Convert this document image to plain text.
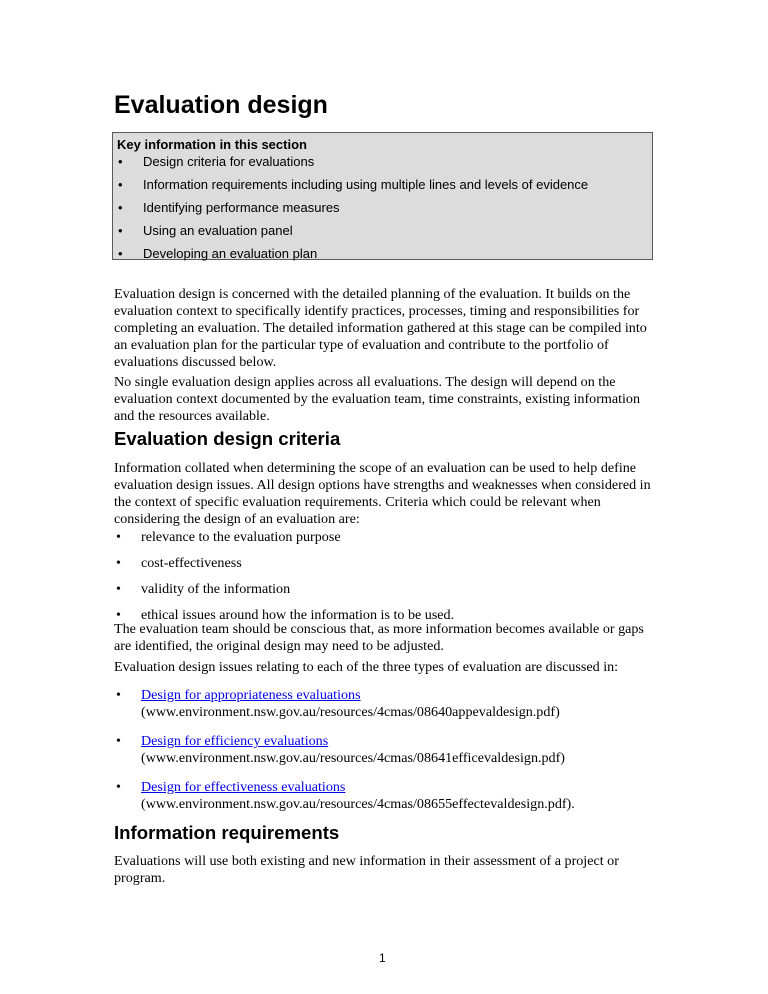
Evaluation design
Key information in this section
• Design criteria for evaluations
• Information requirements including using multiple lines and levels of evidence
• Identifying performance measures
• Using an evaluation panel
• Developing an evaluation plan

Evaluation design is concerned with the detailed planning of the evaluation. It builds on the evaluation context to specifically identify practices, processes, timing and responsibilities for completing an evaluation. The detailed information gathered at this stage can be compiled into an evaluation plan for the particular type of evaluation and contribute to the portfolio of evaluations discussed below.

No single evaluation design applies across all evaluations. The design will depend on the evaluation context documented by the evaluation team, time constraints, existing information and the resources available.

Evaluation design criteria

Information collated when determining the scope of an evaluation can be used to help define evaluation design issues. All design options have strengths and weaknesses when considered in the context of specific evaluation requirements. Criteria which could be relevant when considering the design of an evaluation are:

• relevance to the evaluation purpose
• cost-effectiveness
• validity of the information
• ethical issues around how the information is to be used.

The evaluation team should be conscious that, as more information becomes available or gaps are identified, the original design may need to be adjusted.

Evaluation design issues relating to each of the three types of evaluation are discussed in:

• Design for appropriateness evaluations
(www.environment.nsw.gov.au/resources/4cmas/08640appevaldesign.pdf)
• Design for efficiency evaluations
(www.environment.nsw.gov.au/resources/4cmas/08641efficevaldesign.pdf)
• Design for effectiveness evaluations
(www.environment.nsw.gov.au/resources/4cmas/08655effectevaldesign.pdf).
Information requirements

Evaluations will use both existing and new information in their assessment of a project or program.

1
